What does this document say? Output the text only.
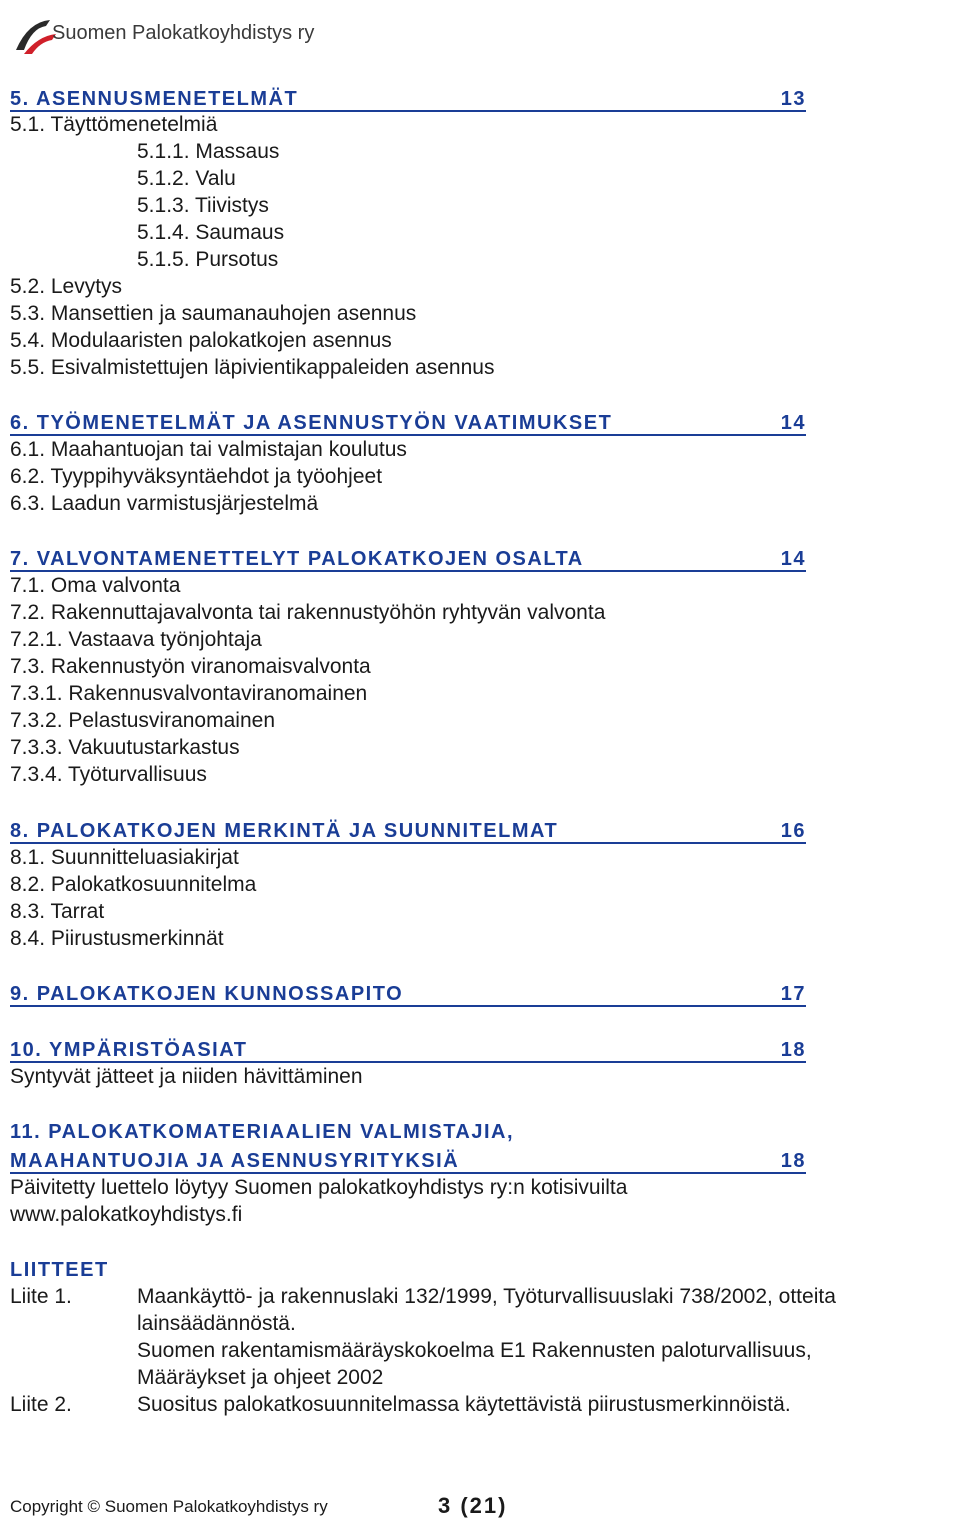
Suomen Palokatkoyhdistys ry
5. ASENNUSMENETELMÄT	13
5.1. Täyttömenetelmiä
5.1.1. Massaus
5.1.2. Valu
5.1.3. Tiivistys
5.1.4. Saumaus
5.1.5. Pursotus
5.2. Levytys
5.3. Mansettien ja saumanauhojen asennus
5.4. Modulaaristen palokatkojen asennus
5.5. Esivalmistettujen läpivientikappaleiden asennus
6. TYÖMENETELMÄT JA ASENNUSTYÖN VAATIMUKSET	14
6.1. Maahantuojan tai valmistajan koulutus
6.2. Tyyppihyväksyntäehdot ja työohjeet
6.3. Laadun varmistusjärjestelmä
7. VALVONTAMENETTELYT PALOKATKOJEN OSALTA	14
7.1. Oma valvonta
7.2. Rakennuttajavalvonta tai rakennustyöhön ryhtyvän valvonta
7.2.1. Vastaava työnjohtaja
7.3. Rakennustyön viranomaisvalvonta
7.3.1. Rakennusvalvontaviranomainen
7.3.2. Pelastusviranomainen
7.3.3. Vakuutustarkastus
7.3.4. Työturvallisuus
8. PALOKATKOJEN MERKINTÄ JA SUUNNITELMAT	16
8.1. Suunnitteluasiakirjat
8.2. Palokatkosuunnitelma
8.3. Tarrat
8.4. Piirustusmerkinnät
9. PALOKATKOJEN KUNNOSSAPITO	17
10. YMPÄRISTÖASIAT	18
Syntyvät jätteet ja niiden hävittäminen
11. PALOKATKOMATERIAALIEN VALMISTAJIA,
MAAHANTUOJIA JA ASENNUSYRITYKSIÄ	18
Päivitetty luettelo löytyy Suomen palokatkoyhdistys ry:n kotisivuilta
www.palokatkoyhdistys.fi
LIITTEET
Liite 1.	Maankäyttö- ja rakennuslaki 132/1999, Työturvallisuuslaki 738/2002, otteita
lainsäädännöstä.
Suomen rakentamismääräyskokoelma E1 Rakennusten paloturvallisuus,
Määräykset ja ohjeet 2002
Liite 2.	Suositus palokatkosuunnitelmassa käytettävistä piirustusmerkinnöistä.
Copyright © Suomen Palokatkoyhdistys ry	3 (21)
